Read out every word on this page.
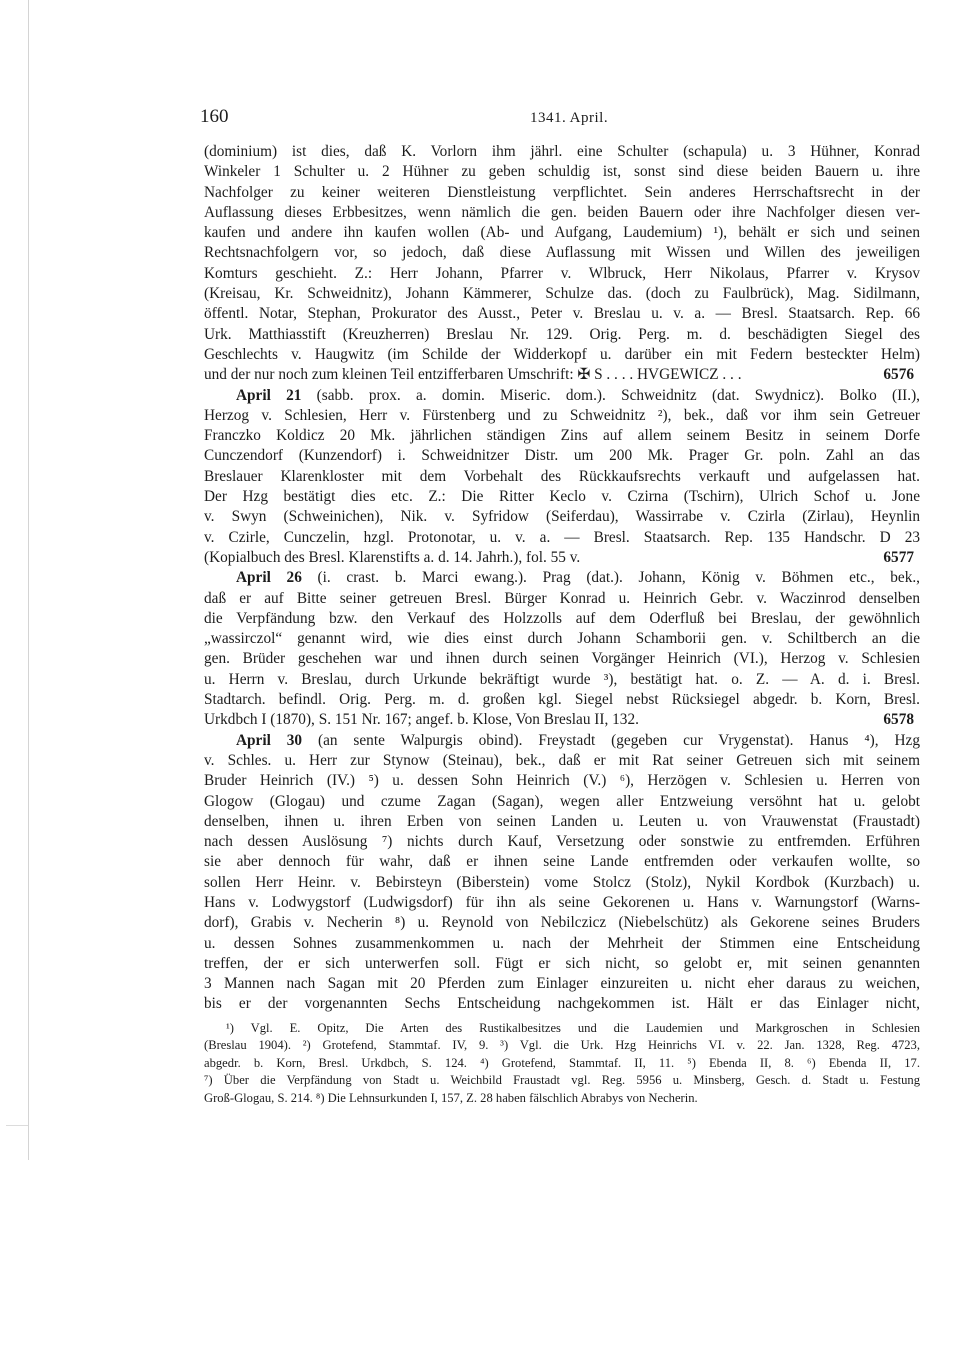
160	1341. April.
(dominium) ist dies, daß K. Vorlorn ihm jährl. eine Schulter (schapula) u. 3 Hühner, Konrad
Winkeler 1 Schulter u. 2 Hühner zu geben schuldig ist, sonst sind diese beiden Bauern u. ihre
Nachfolger zu keiner weiteren Dienstleistung verpflichtet. Sein anderes Herrschaftsrecht in der
Auflassung dieses Erbbesitzes, wenn nämlich die gen. beiden Bauern oder ihre Nachfolger diesen ver-
kaufen und andere ihn kaufen wollen (Ab- und Aufgang, Laudemium) ¹), behält er sich und seinen
Rechtsnachfolgern vor, so jedoch, daß diese Auflassung mit Wissen und Willen des jeweiligen
Komturs geschieht. Z.: Herr Johann, Pfarrer v. Wlbruck, Herr Nikolaus, Pfarrer v. Krysov
(Kreisau, Kr. Schweidnitz), Johann Kämmerer, Schulze das. (doch zu Faulbrück), Mag. Sidilmann,
öffentl. Notar, Stephan, Prokurator des Ausst., Peter v. Breslau u. v. a. — Bresl. Staatsarch. Rep. 66
Urk. Matthiasstift (Kreuzherren) Breslau Nr. 129. Orig. Perg. m. d. beschädigten Siegel des
Geschlechts v. Haugwitz (im Schilde der Widderkopf u. darüber ein mit Federn besteckter Helm)
und der nur noch zum kleinen Teil entzifferbaren Umschrift: ✠ S . . . . HVGEWICZ . . .	6576
April 21 (sabb. prox. a. domin. Miseric. dom.). Schweidnitz (dat. Swydnicz). Bolko (II.),
Herzog v. Schlesien, Herr v. Fürstenberg und zu Schweidnitz ²), bek., daß vor ihm sein Getreuer
Franczko Koldicz 20 Mk. jährlichen ständigen Zins auf allem seinem Besitz in seinem Dorfe
Cunczendorf (Kunzendorf) i. Schweidnitzer Distr. um 200 Mk. Prager Gr. poln. Zahl an das
Breslauer Klarenkloster mit dem Vorbehalt des Rückkaufsrechts verkauft und aufgelassen hat.
Der Hzg bestätigt dies etc. Z.: Die Ritter Keclo v. Czirna (Tschirn), Ulrich Schof u. Jone
v. Swyn (Schweinichen), Nik. v. Syfridow (Seiferdau), Wassirrabe v. Czirla (Zirlau), Heynlin
v. Czirle, Cunczelin, hzgl. Protonotar, u. v. a. — Bresl. Staatsarch. Rep. 135 Handschr. D 23
(Kopialbuch des Bresl. Klarenstifts a. d. 14. Jahrh.), fol. 55 v.	6577
April 26 (i. crast. b. Marci ewang.). Prag (dat.). Johann, König v. Böhmen etc., bek.,
daß er auf Bitte seiner getreuen Bresl. Bürger Konrad u. Heinrich Gebr. v. Waczinrod denselben
die Verpfändung bzw. den Verkauf des Holzzolls auf dem Oderfluß bei Breslau, der gewöhnlich
„wassirczol“ genannt wird, wie dies einst durch Johann Schamborii gen. v. Schiltberch an die
gen. Brüder geschehen war und ihnen durch seinen Vorgänger Heinrich (VI.), Herzog v. Schlesien
u. Herrn v. Breslau, durch Urkunde bekräftigt wurde ³), bestätigt hat. o. Z. — A. d. i. Bresl.
Stadtarch. befindl. Orig. Perg. m. d. großen kgl. Siegel nebst Rücksiegel abgedr. b. Korn, Bresl.
Urkdbch I (1870), S. 151 Nr. 167; angef. b. Klose, Von Breslau II, 132.	6578
April 30 (an sente Walpurgis obind). Freystadt (gegeben cur Vrygenstat). Hanus ⁴), Hzg
v. Schles. u. Herr zur Stynow (Steinau), bek., daß er mit Rat seiner Getreuen sich mit seinem
Bruder Heinrich (IV.) ⁵) u. dessen Sohn Heinrich (V.) ⁶), Herzögen v. Schlesien u. Herren von
Glogow (Glogau) und czume Zagan (Sagan), wegen aller Entzweiung versöhnt hat u. gelobt
denselben, ihnen u. ihren Erben von seinen Landen u. Leuten u. von Vrauwenstat (Fraustadt)
nach dessen Auslösung ⁷) nichts durch Kauf, Versetzung oder sonstwie zu entfremden. Erführen
sie aber dennoch für wahr, daß er ihnen seine Lande entfremden oder verkaufen wollte, so
sollen Herr Heinr. v. Bebirsteyn (Biberstein) vome Stolcz (Stolz), Nykil Kordbok (Kurzbach) u.
Hans v. Lodwygstorf (Ludwigsdorf) für ihn als seine Gekorenen u. Hans v. Warnungstorf (Warns-
dorf), Grabis v. Necherin ⁸) u. Reynold von Nebilczicz (Niebelschütz) als Gekorene seines Bruders
u. dessen Sohnes zusammenkommen u. nach der Mehrheit der Stimmen eine Entscheidung
treffen, der er sich unterwerfen soll. Fügt er sich nicht, so gelobt er, mit seinen genannten
3 Mannen nach Sagan mit 20 Pferden zum Einlager einzureiten u. nicht eher daraus zu weichen,
bis er der vorgenannten Sechs Entscheidung nachgekommen ist. Hält er das Einlager nicht,
¹) Vgl. E. Opitz, Die Arten des Rustikalbesitzes und die Laudemien und Markgroschen in Schlesien
(Breslau 1904). ²) Grotefend, Stammtaf. IV, 9. ³) Vgl. die Urk. Hzg Heinrichs VI. v. 22. Jan. 1328, Reg. 4723,
abgedr. b. Korn, Bresl. Urkdbch, S. 124. ⁴) Grotefend, Stammtaf. II, 11. ⁵) Ebenda II, 8. ⁶) Ebenda II, 17.
⁷) Über die Verpfändung von Stadt u. Weichbild Fraustadt vgl. Reg. 5956 u. Minsberg, Gesch. d. Stadt u. Festung
Groß-Glogau, S. 214. ⁸) Die Lehnsurkunden I, 157, Z. 28 haben fälschlich Abrabys von Necherin.
